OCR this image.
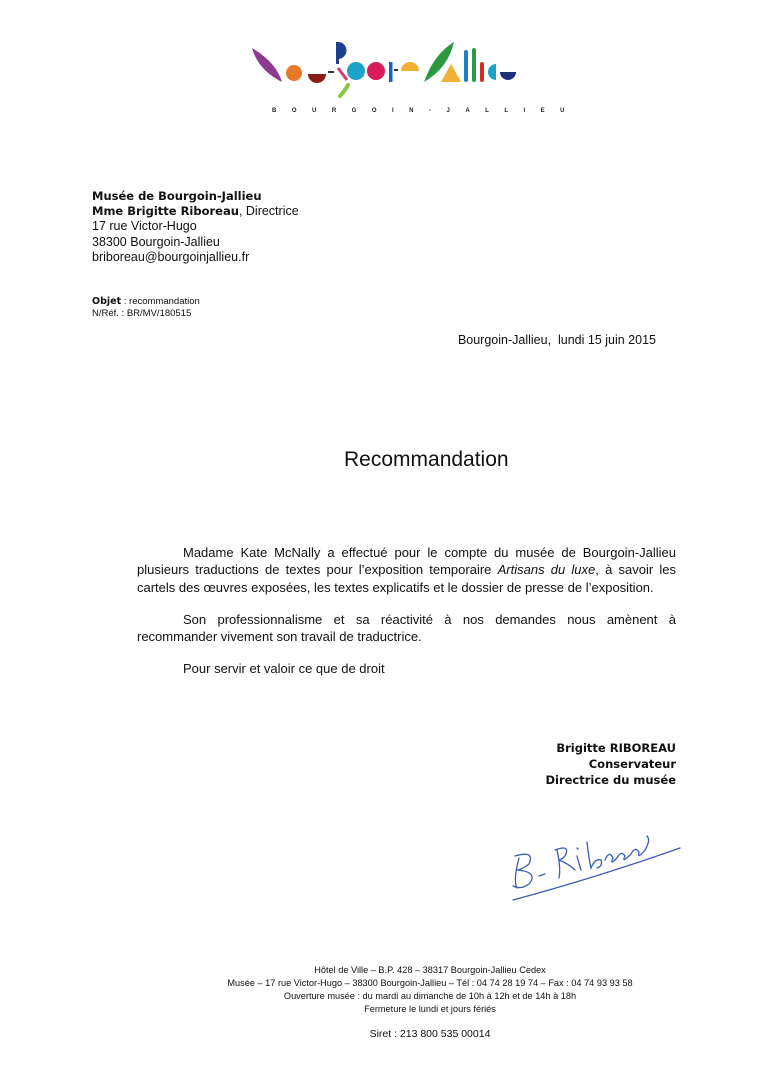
BOURGOIN-JALLIEU
Musée de Bourgoin-Jallieu
Mme Brigitte Riboreau, Directrice
17 rue Victor-Hugo
38300 Bourgoin-Jallieu
briboreau@bourgoinjallieu.fr
Objet : recommandation
N/Réf. : BR/MV/180515
Bourgoin-Jallieu,  lundi 15 juin 2015
Recommandation

Madame Kate McNally a effectué pour le compte du musée de Bourgoin-Jallieu plusieurs traductions de textes pour l’exposition temporaire Artisans du luxe, à savoir les cartels des œuvres exposées, les textes explicatifs et le dossier de presse de l’exposition.

Son professionnalisme et sa réactivité à nos demandes nous amènent à recommander vivement son travail de traductrice.

Pour servir et valoir ce que de droit

Brigitte RIBOREAU
Conservateur
Directrice du musée
Hôtel de Ville – B.P. 428 – 38317 Bourgoin-Jallieu Cedex
Musée – 17 rue Victor-Hugo – 38300 Bourgoin-Jallieu – Tél : 04 74 28 19 74 – Fax : 04 74 93 93 58
Ouverture musée : du mardi au dimanche de 10h à 12h et de 14h à 18h
Fermeture le lundi et jours fériés
Siret : 213 800 535 00014
